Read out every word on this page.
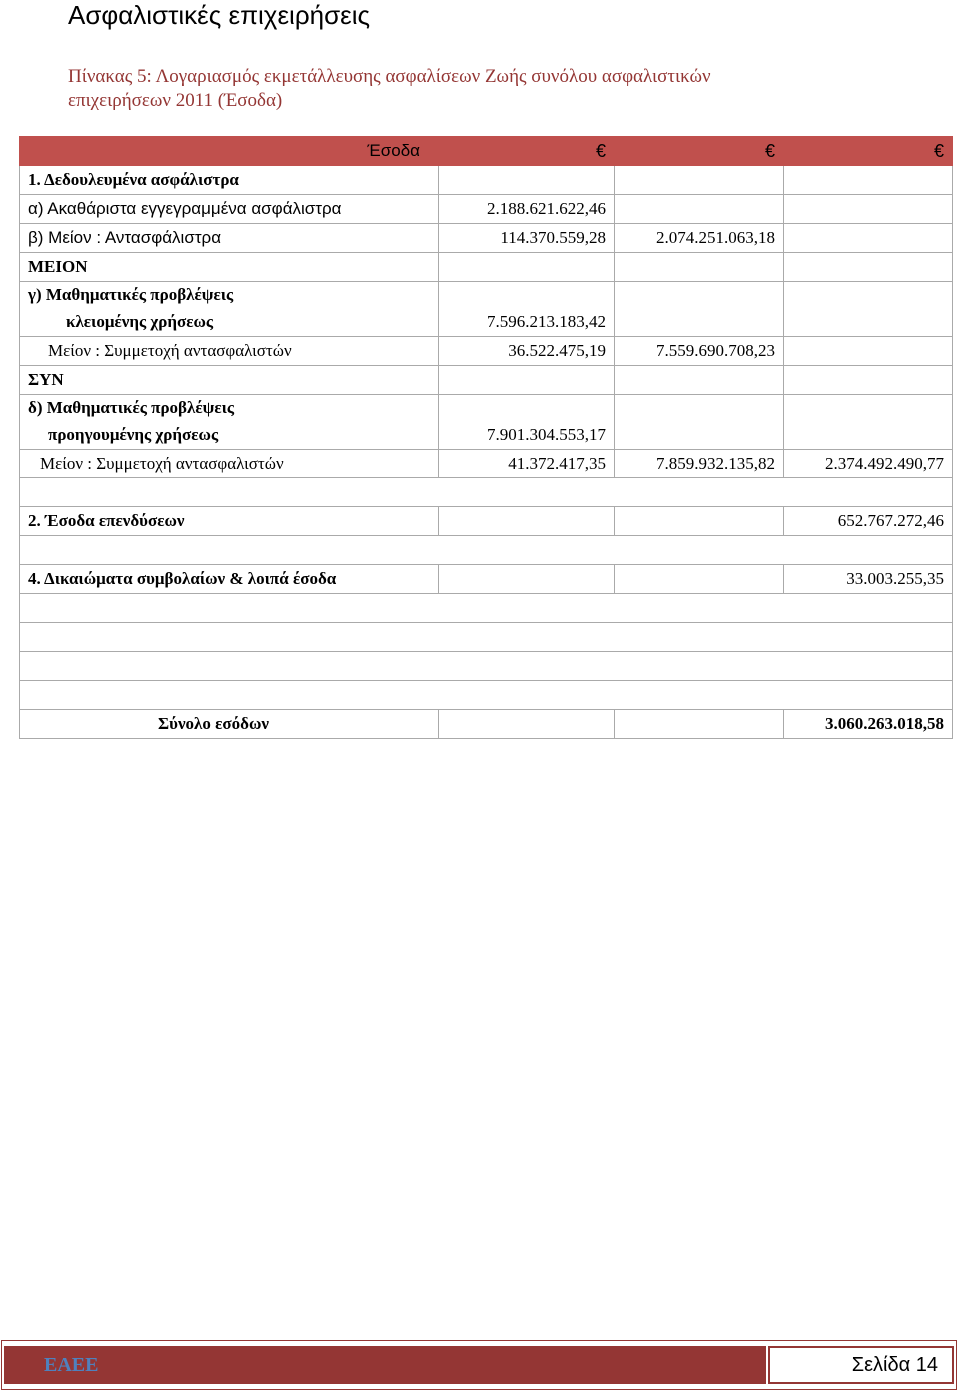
Ασφαλιστικές επιχειρήσεις
Πίνακας 5: Λογαριασμός εκμετάλλευσης ασφαλίσεων Ζωής συνόλου ασφαλιστικών
επιχειρήσεων 2011 (Έσοδα)
Έσοδα	€	€	€
1. Δεδουλευμένα ασφάλιστρα			
α) Ακαθάριστα εγγεγραμμένα ασφάλιστρα	2.188.621.622,46		
β) Μείον : Αντασφάλιστρα	114.370.559,28	2.074.251.063,18	
ΜΕΙΟΝ			
γ) Μαθηματικές προβλέψεις			
κλειομένης χρήσεως	7.596.213.183,42		
Μείον : Συμμετοχή αντασφαλιστών	36.522.475,19	7.559.690.708,23	
ΣΥΝ			
δ) Μαθηματικές προβλέψεις			
προηγουμένης χρήσεως	7.901.304.553,17		
Μείον : Συμμετοχή αντασφαλιστών	41.372.417,35	7.859.932.135,82	2.374.492.490,77

2. Έσοδα επενδύσεων			652.767.272,46

4. Δικαιώματα συμβολαίων & λοιπά έσοδα			33.003.255,35

Σύνολο εσόδων			3.060.263.018,58
ΕΑΕΕ	Σελίδα 14
